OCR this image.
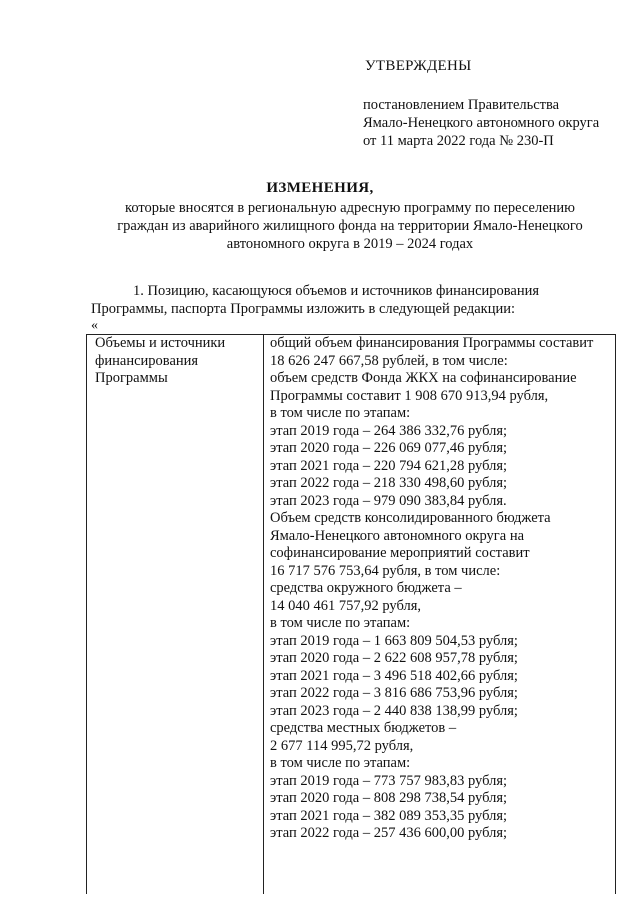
УТВЕРЖДЕНЫ
постановлением Правительства
Ямало-Ненецкого автономного округа
от 11 марта 2022 года № 230-П
ИЗМЕНЕНИЯ,
которые вносятся в региональную адресную программу по переселению
граждан из аварийного жилищного фонда на территории Ямало-Ненецкого
автономного округа в 2019 – 2024 годах
1. Позицию, касающуюся объемов и источников финансирования
Программы, паспорта Программы изложить в следующей редакции:
«
Объемы и источники
финансирования
Программы
общий объем финансирования Программы составит
18 626 247 667,58 рублей, в том числе:
объем средств Фонда ЖКХ на софинансирование
Программы составит 1 908 670 913,94 рубля,
в том числе по этапам:
этап 2019 года – 264 386 332,76 рубля;
этап 2020 года – 226 069 077,46 рубля;
этап 2021 года – 220 794 621,28 рубля;
этап 2022 года – 218 330 498,60 рубля;
этап 2023 года – 979 090 383,84 рубля.
Объем средств консолидированного бюджета
Ямало-Ненецкого автономного округа на
софинансирование мероприятий составит
16 717 576 753,64 рубля, в том числе:
средства окружного бюджета –
14 040 461 757,92 рубля,
в том числе по этапам:
этап 2019 года – 1 663 809 504,53 рубля;
этап 2020 года – 2 622 608 957,78 рубля;
этап 2021 года – 3 496 518 402,66 рубля;
этап 2022 года – 3 816 686 753,96 рубля;
этап 2023 года – 2 440 838 138,99 рубля;
средства местных бюджетов –
2 677 114 995,72 рубля,
в том числе по этапам:
этап 2019 года – 773 757 983,83 рубля;
этап 2020 года – 808 298 738,54 рубля;
этап 2021 года – 382 089 353,35 рубля;
этап 2022 года – 257 436 600,00 рубля;
